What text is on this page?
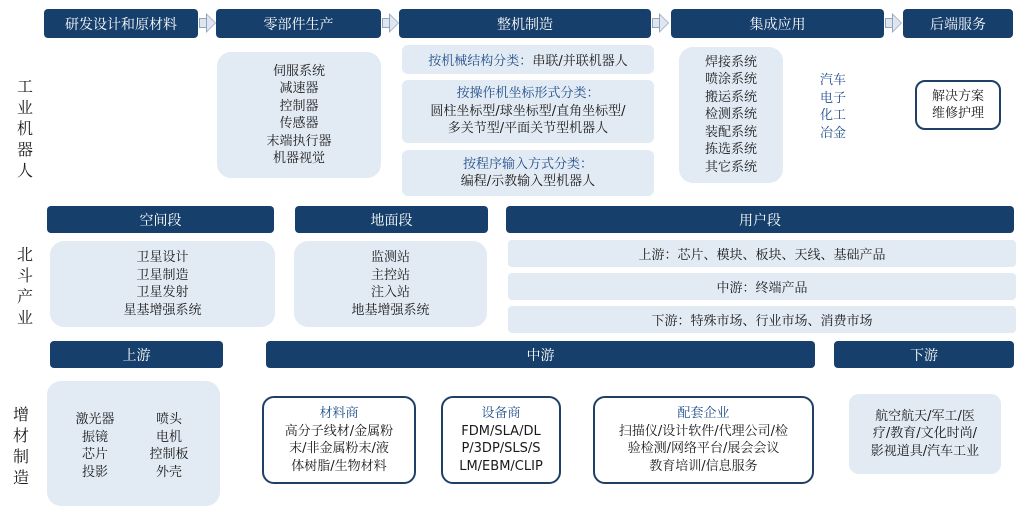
工
业
机
器
人
研发设计和原材料	零部件生产	整机制造	集成应用	后端服务
伺服系统
减速器
控制器
传感器
末端执行器
机器视觉
按机械结构分类： 串联/并联机器人
按操作机坐标形式分类：
圆柱坐标型/球坐标型/直角坐标型/
多关节型/平面关节型机器人
按程序输入方式分类：
编程/示教输入型机器人
焊接系统
喷涂系统
搬运系统
检测系统
装配系统
拣选系统
其它系统
汽车
电子
化工
冶金
解决方案
维修护理
北
斗
产
业
空间段	地面段	用户段
卫星设计
卫星制造
卫星发射
星基增强系统
监测站
主控站
注入站
地基增强系统
上游：芯片、模块、板块、天线、基础产品
中游：终端产品
下游：特殊市场、行业市场、消费市场
增
材
制
造
上游	中游	下游
激光器
振镜
芯片
投影
喷头
电机
控制板
外壳
材料商
高分子线材/金属粉
末/非金属粉末/液
体树脂/生物材料
设备商
FDM/SLA/DL
P/3DP/SLS/S
LM/EBM/CLIP
配套企业
扫描仪/设计软件/代理公司/检
验检测/网络平台/展会会议
教育培训/信息服务
航空航天/军工/医
疗/教育/文化时尚/
影视道具/汽车工业
